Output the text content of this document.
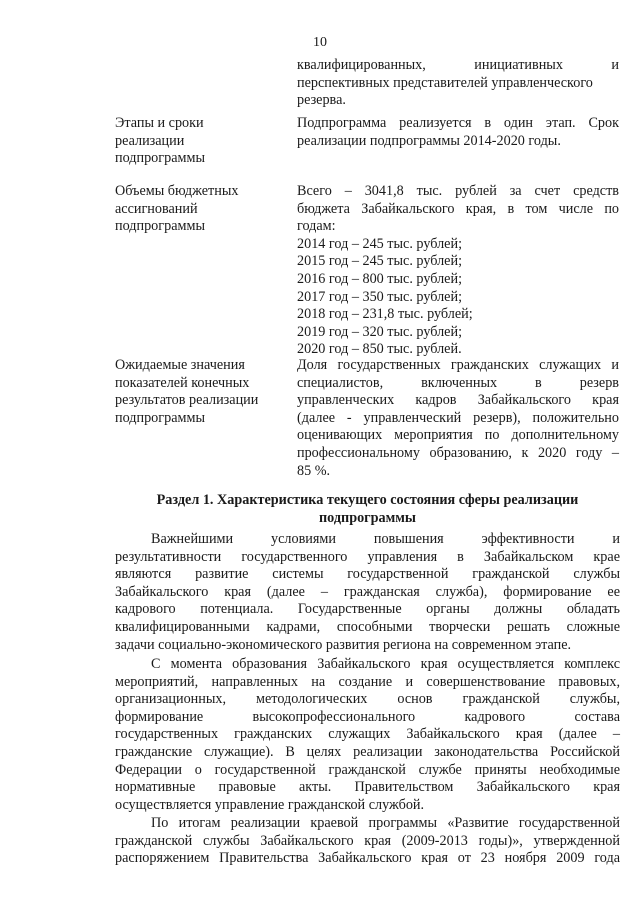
10
квалифицированных, инициативных и
перспективных представителей управленческого
резерва.
Этапы и сроки
реализации
подпрограммы
Подпрограмма реализуется в один этап. Срок
реализации подпрограммы 2014-2020 годы.
Объемы бюджетных
ассигнований
подпрограммы
Всего – 3041,8 тыс. рублей за счет средств
бюджета Забайкальского края, в том числе по
годам:
2014 год – 245 тыс. рублей;
2015 год – 245 тыс. рублей;
2016 год – 800 тыс. рублей;
2017 год – 350 тыс. рублей;
2018 год – 231,8 тыс. рублей;
2019 год – 320 тыс. рублей;
2020 год – 850 тыс. рублей.
Ожидаемые значения
показателей конечных
результатов реализации
подпрограммы
Доля государственных гражданских служащих и
специалистов, включенных в резерв
управленческих кадров Забайкальского края
(далее - управленческий резерв), положительно
оценивающих мероприятия по дополнительному
профессиональному образованию, к 2020 году –
85 %.
Раздел 1. Характеристика текущего состояния сферы реализации
подпрограммы
Важнейшими условиями повышения эффективности и
результативности государственного управления в Забайкальском крае
являются развитие системы государственной гражданской службы
Забайкальского края (далее – гражданская служба), формирование ее
кадрового потенциала. Государственные органы должны обладать
квалифицированными кадрами, способными творчески решать сложные
задачи социально-экономического развития региона на современном этапе.
С момента образования Забайкальского края осуществляется комплекс
мероприятий, направленных на создание и совершенствование правовых,
организационных, методологических основ гражданской службы,
формирование высокопрофессионального кадрового состава
государственных гражданских служащих Забайкальского края (далее –
гражданские служащие). В целях реализации законодательства Российской
Федерации о государственной гражданской службе приняты необходимые
нормативные правовые акты. Правительством Забайкальского края
осуществляется управление гражданской службой.
По итогам реализации краевой программы «Развитие государственной
гражданской службы Забайкальского края (2009-2013 годы)», утвержденной
распоряжением Правительства Забайкальского края от 23 ноября 2009 года
